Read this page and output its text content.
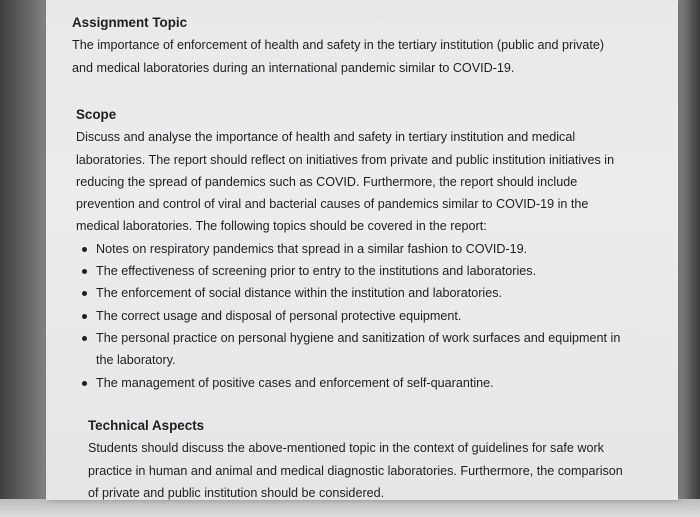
Assignment Topic
The importance of enforcement of health and safety in the tertiary institution (public and private)
and medical laboratories during an international pandemic similar to COVID-19.
Scope
Discuss and analyse the importance of health and safety in tertiary institution and medical
laboratories. The report should reflect on initiatives from private and public institution initiatives in
reducing the spread of pandemics such as COVID. Furthermore, the report should include
prevention and control of viral and bacterial causes of pandemics similar to COVID-19 in the
medical laboratories. The following topics should be covered in the report:
Notes on respiratory pandemics that spread in a similar fashion to COVID-19.
The effectiveness of screening prior to entry to the institutions and laboratories.
The enforcement of social distance within the institution and laboratories.
The correct usage and disposal of personal protective equipment.
The personal practice on personal hygiene and sanitization of work surfaces and equipment in
the laboratory.
The management of positive cases and enforcement of self-quarantine.
Technical Aspects
Students should discuss the above-mentioned topic in the context of guidelines for safe work
practice in human and animal and medical diagnostic laboratories. Furthermore, the comparison
of private and public institution should be considered.
